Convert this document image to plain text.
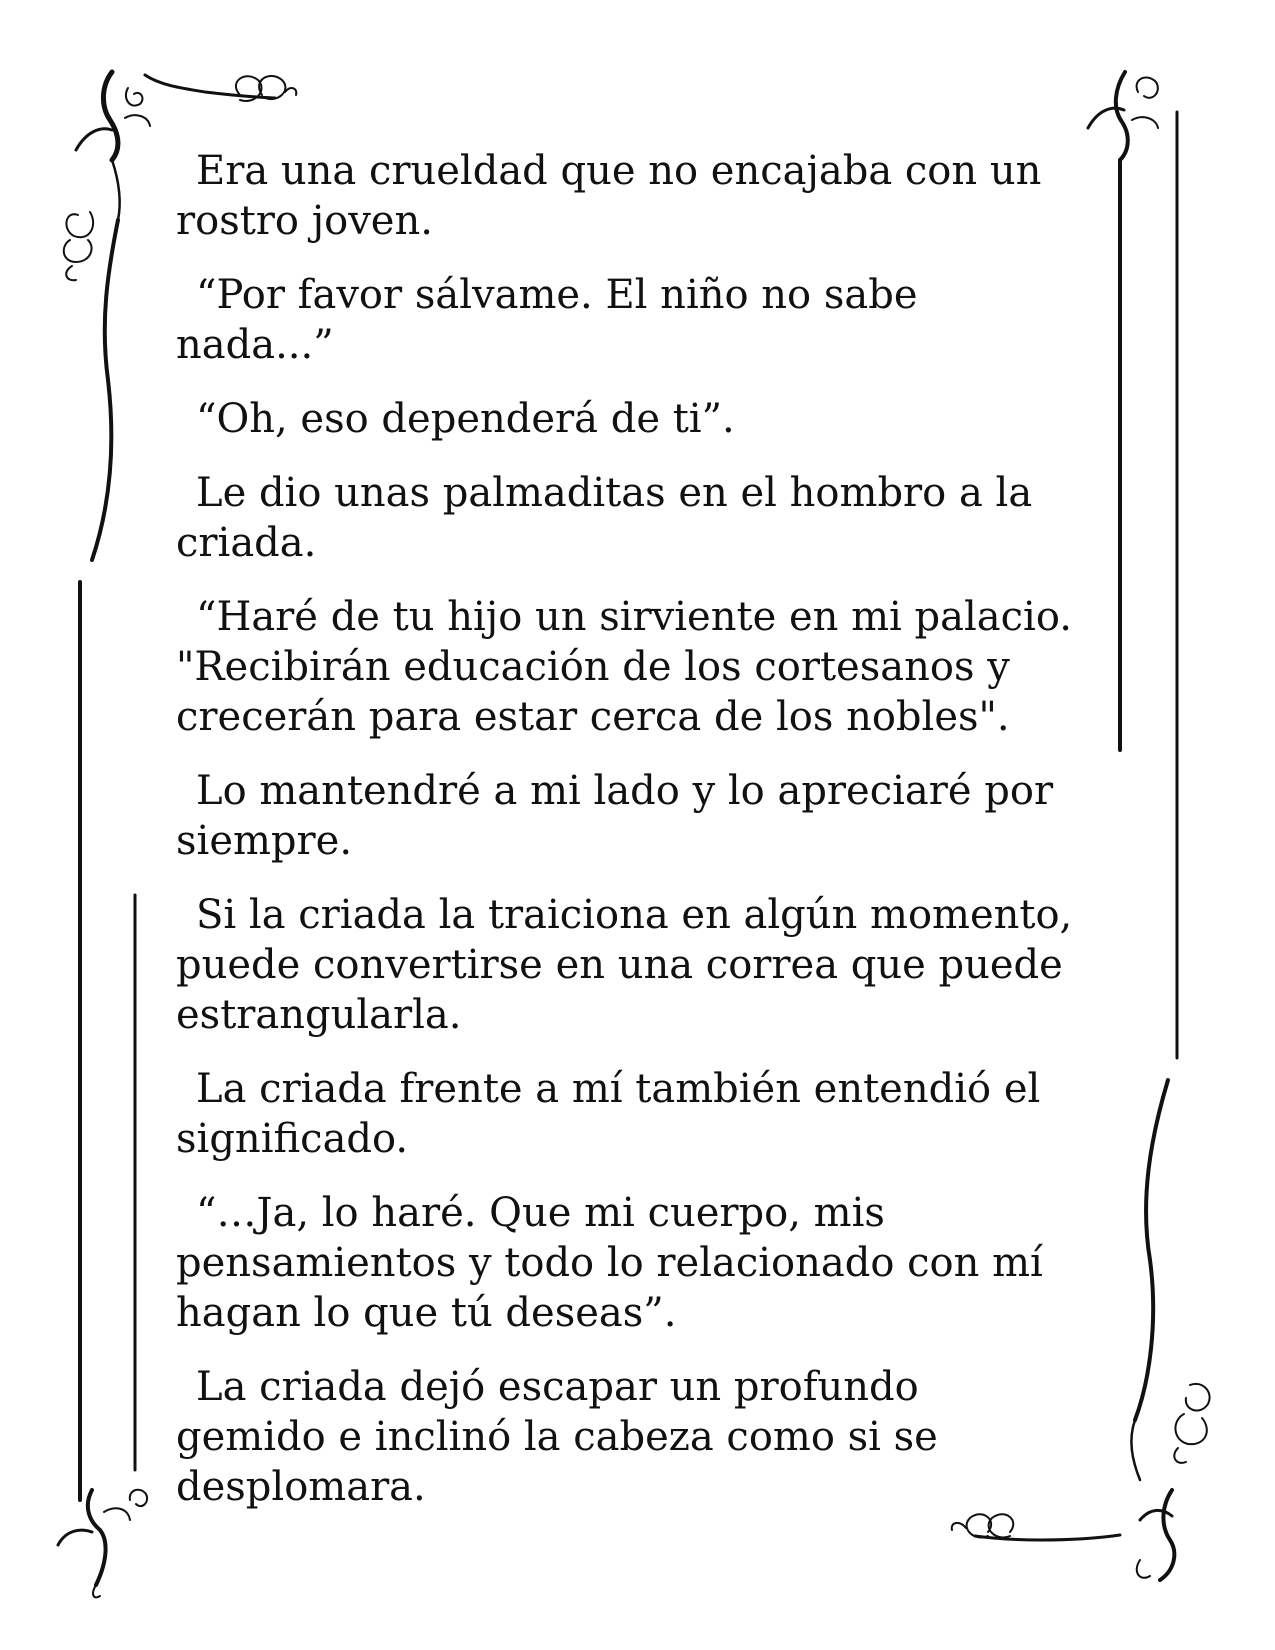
Era una crueldad que no encajaba con un rostro joven.

“Por favor sálvame. El niño no sabe nada...”

“Oh, eso dependerá de ti”.

Le dio unas palmaditas en el hombro a la criada.

“Haré de tu hijo un sirviente en mi palacio. "Recibirán educación de los cortesanos y crecerán para estar cerca de los nobles".

Lo mantendré a mi lado y lo apreciaré por siempre.

Si la criada la traiciona en algún momento, puede convertirse en una correa que puede estrangularla.

La criada frente a mí también entendió el significado.

“…Ja, lo haré. Que mi cuerpo, mis pensamientos y todo lo relacionado con mí hagan lo que tú deseas”.

La criada dejó escapar un profundo gemido e inclinó la cabeza como si se desplomara.
